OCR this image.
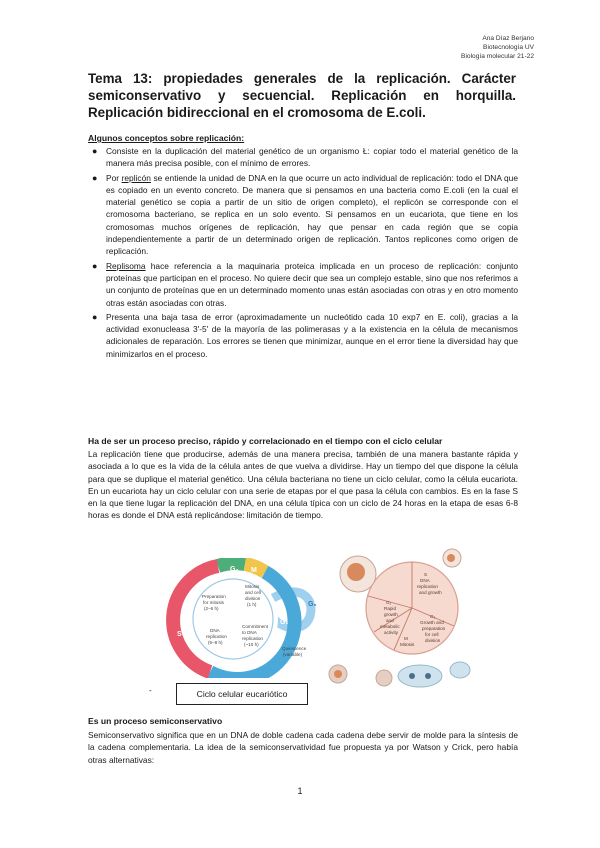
Ana Díaz Berjano
Biotecnología UV
Biología molecular 21-22
Tema 13: propiedades generales de la replicación. Carácter semiconservativo y secuencial. Replicación en horquilla. Replicación bidireccional en el cromosoma de E.coli.
Algunos conceptos sobre replicación:
● Consiste en la duplicación del material genético de un organismo Ł: copiar todo el material genético de la manera más precisa posible, con el mínimo de errores.
● Por replicón se entiende la unidad de DNA en la que ocurre un acto individual de replicación: todo el DNA que es copiado en un evento concreto. De manera que si pensamos en una bacteria como E.coli (en la cual el material genético se copia a partir de un sitio de origen completo), el replicón se corresponde con el cromosoma bacteriano, se replica en un solo evento. Si pensamos en un eucariota, que tiene en los cromosomas muchos orígenes de replicación, hay que pensar en cada región que se copia independientemente a partir de un determinado origen de replicación. Tantos replicones como origen de replicación.
● Replisoma hace referencia a la maquinaria proteica implicada en un proceso de replicación: conjunto proteínas que participan en el proceso. No quiere decir que sea un complejo estable, sino que nos referimos a un conjunto de proteínas que en un determinado momento unas están asociadas con otras y en otro momento otras están asociadas con otras.
● Presenta una baja tasa de error (aproximadamente un nucleótido cada 10 exp7 en E. coli), gracias a la actividad exonucleasa 3'-5' de la mayoría de las polimerasas y a la existencia en la célula de mecanismos adicionales de reparación. Los errores se tienen que minimizar, aunque en el error tiene la diversidad hay que minimizarlos en el proceso.
Ha de ser un proceso preciso, rápido y correlacionado en el tiempo con el ciclo celular

La replicación tiene que producirse, además de una manera precisa, también de una manera bastante rápida y asociada a lo que es la vida de la célula antes de que vuelva a dividirse. Hay un tiempo del que dispone la célula para que se duplique el material genético. Una célula bacteriana no tiene un ciclo celular, como la célula eucariota. En un eucariota hay un ciclo celular con una serie de etapas por el que pasa la célula con cambios. Es en la fase S en la que tiene lugar la replicación del DNA, en una célula típica con un ciclo de 24 horas en la etapa de esas 6-8 horas es donde el DNA está replicándose: limitación de tiempo.

G₂ M
G₁
S
G₀
Preparation
for mitosis
(2–6 h)
Mitosis
and cell
division
(1 h)
DNA
replication
(6–8 h)
Commitment
to DNA
replication
(~10 h)
Quiescence
(variable)
S
DNA
replication
and growth
G₁
Rapid
growth
and
metabolic
activity
G₂
Growth and
preparation
for cell
division
M
Mitosis
-	Ciclo celular eucariótico
Es un proceso semiconservativo

Semiconservativo significa que en un DNA de doble cadena cada cadena debe servir de molde para la síntesis de la cadena complementaria. La idea de la semiconservatividad fue propuesta ya por Watson y Crick, pero había otras alternativas:

1
